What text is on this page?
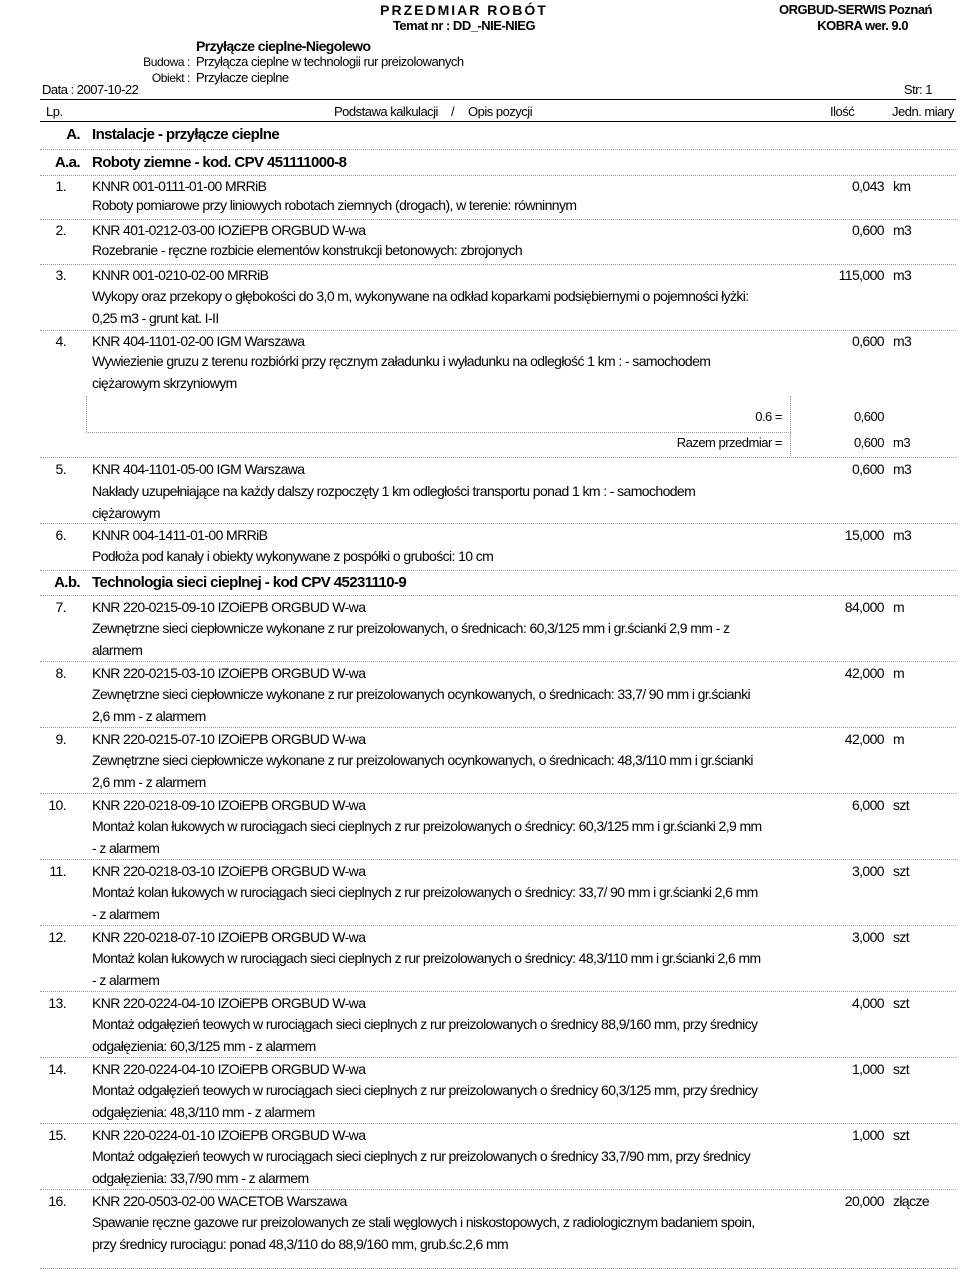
PRZEDMIAR ROBÓT
Temat nr : DD_-NIE-NIEG
ORGBUD-SERWIS Poznań
KOBRA wer. 9.0
Przyłącze cieplne-Niegolewo
Budowa : Przyłącza cieplne w technologii rur preizolowanych
Obiekt : Przyłacze cieplne
Data : 2007-10-22	Str: 1
Lp.	Podstawa kalkulacji / Opis pozycji	Ilość	Jedn. miary
A. Instalacje - przyłącze cieplne
A.a. Roboty ziemne - kod. CPV 451111000-8
1. KNNR 001-0111-01-00 MRRiB	0,043 km
Roboty pomiarowe przy liniowych robotach ziemnych (drogach), w terenie: równinnym
2. KNR 401-0212-03-00 IOZiEPB ORGBUD W-wa	0,600 m3
Rozebranie - ręczne rozbicie elementów konstrukcji betonowych: zbrojonych
3. KNNR 001-0210-02-00 MRRiB	115,000 m3
Wykopy oraz przekopy o głębokości do 3,0 m, wykonywane na odkład koparkami podsiębiernymi o pojemności łyżki: 0,25 m3 - grunt kat. I-II
4. KNR 404-1101-02-00 IGM Warszawa	0,600 m3
Wywiezienie gruzu z terenu rozbiórki przy ręcznym załadunku i wyładunku na odległość 1 km : - samochodem ciężarowym skrzyniowym
0.6 =	0,600
Razem przedmiar =	0,600 m3
5. KNR 404-1101-05-00 IGM Warszawa	0,600 m3
Nakłady uzupełniające na każdy dalszy rozpoczęty 1 km odległości transportu ponad 1 km : - samochodem ciężarowym
6. KNNR 004-1411-01-00 MRRiB	15,000 m3
Podłoża pod kanały i obiekty wykonywane z pospółki o grubości: 10 cm
A.b. Technologia sieci cieplnej - kod CPV 45231110-9
7. KNR 220-0215-09-10 IZOiEPB ORGBUD W-wa	84,000 m
Zewnętrzne sieci ciepłownicze wykonane z rur preizolowanych, o średnicach: 60,3/125 mm i gr.ścianki 2,9 mm - z alarmem
8. KNR 220-0215-03-10 IZOiEPB ORGBUD W-wa	42,000 m
Zewnętrzne sieci ciepłownicze wykonane z rur preizolowanych ocynkowanych, o średnicach: 33,7/ 90 mm i gr.ścianki 2,6 mm - z alarmem
9. KNR 220-0215-07-10 IZOiEPB ORGBUD W-wa	42,000 m
Zewnętrzne sieci ciepłownicze wykonane z rur preizolowanych ocynkowanych, o średnicach: 48,3/110 mm i gr.ścianki 2,6 mm - z alarmem
10. KNR 220-0218-09-10 IZOiEPB ORGBUD W-wa	6,000 szt
Montaż kolan łukowych w rurociągach sieci cieplnych z rur preizolowanych o średnicy: 60,3/125 mm i gr.ścianki 2,9 mm - z alarmem
11. KNR 220-0218-03-10 IZOiEPB ORGBUD W-wa	3,000 szt
Montaż kolan łukowych w rurociągach sieci cieplnych z rur preizolowanych o średnicy: 33,7/ 90 mm i gr.ścianki 2,6 mm - z alarmem
12. KNR 220-0218-07-10 IZOiEPB ORGBUD W-wa	3,000 szt
Montaż kolan łukowych w rurociągach sieci cieplnych z rur preizolowanych o średnicy: 48,3/110 mm i gr.ścianki 2,6 mm - z alarmem
13. KNR 220-0224-04-10 IZOiEPB ORGBUD W-wa	4,000 szt
Montaż odgałęzień teowych w rurociągach sieci cieplnych z rur preizolowanych o średnicy 88,9/160 mm, przy średnicy odgałęzienia: 60,3/125 mm - z alarmem
14. KNR 220-0224-04-10 IZOiEPB ORGBUD W-wa	1,000 szt
Montaż odgałęzień teowych w rurociągach sieci cieplnych z rur preizolowanych o średnicy 60,3/125 mm, przy średnicy odgałęzienia: 48,3/110 mm - z alarmem
15. KNR 220-0224-01-10 IZOiEPB ORGBUD W-wa	1,000 szt
Montaż odgałęzień teowych w rurociągach sieci cieplnych z rur preizolowanych o średnicy 33,7/90 mm, przy średnicy odgałęzienia: 33,7/90 mm - z alarmem
16. KNR 220-0503-02-00 WACETOB Warszawa	20,000 złącze
Spawanie ręczne gazowe rur preizolowanych ze stali węglowych i niskostopowych, z radiologicznym badaniem spoin, przy średnicy rurociągu: ponad 48,3/110 do 88,9/160 mm, grub.śc.2,6 mm
